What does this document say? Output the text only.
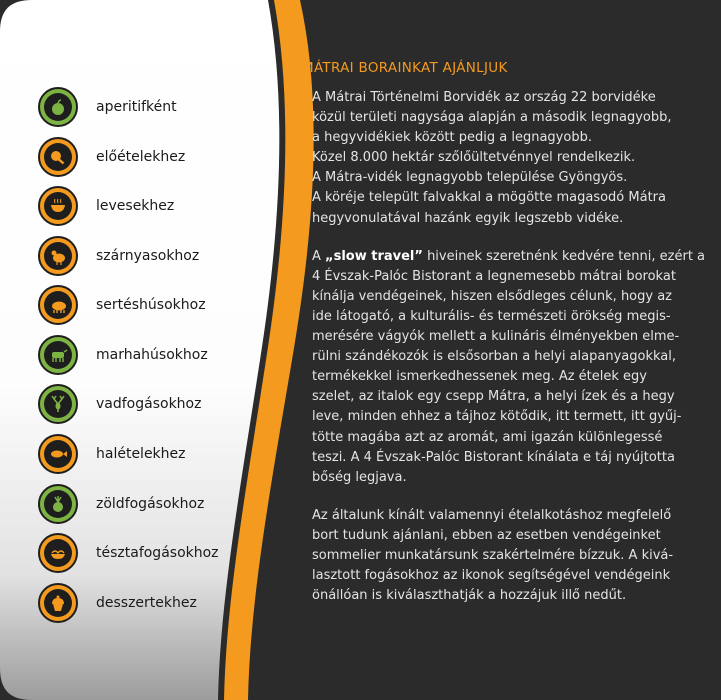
aperitifként
előételekhez
levesekhez
szárnyasokhoz
sertéshúsokhoz
marhahúsokhoz
vadfogásokhoz
halételekhez
zöldfogásokhoz
tésztafogásokhoz
desszertekhez
MÁTRAI BORAINKAT AJÁNLJUK
A Mátrai Történelmi Borvidék az ország 22 borvidéke
közül területi nagysága alapján a második legnagyobb,
a hegyvidékiek között pedig a legnagyobb.
Közel 8.000 hektár szőlőültetvénnyel rendelkezik.
A Mátra-vidék legnagyobb települése Gyöngyös.
A köréje települt falvakkal a mögötte magasodó Mátra
hegyvonulatával hazánk egyik legszebb vidéke.
A „slow travel” hiveinek szeretnénk kedvére tenni, ezért a
4 Évszak-Palóc Bistorant a legnemesebb mátrai borokat
kínálja vendégeinek, hiszen elsődleges célunk, hogy az
ide látogató, a kulturális- és természeti örökség megis-
merésére vágyók mellett a kulináris élményekben elme-
rülni szándékozók is elsősorban a helyi alapanyagokkal,
termékekkel ismerkedhessenek meg. Az ételek egy
szelet, az italok egy csepp Mátra, a helyi ízek és a hegy
leve, minden ehhez a tájhoz kötődik, itt termett, itt gyűj-
tötte magába azt az aromát, ami igazán különlegessé
teszi. A 4 Évszak-Palóc Bistorant kínálata e táj nyújtotta
bőség legjava.
Az általunk kínált valamennyi ételalkotáshoz megfelelő
bort tudunk ajánlani, ebben az esetben vendégeinket
sommelier munkatársunk szakértelmére bízzuk. A kivá-
lasztott fogásokhoz az ikonok segítségével vendégeink
önállóan is kiválaszthatják a hozzájuk illő nedűt.
